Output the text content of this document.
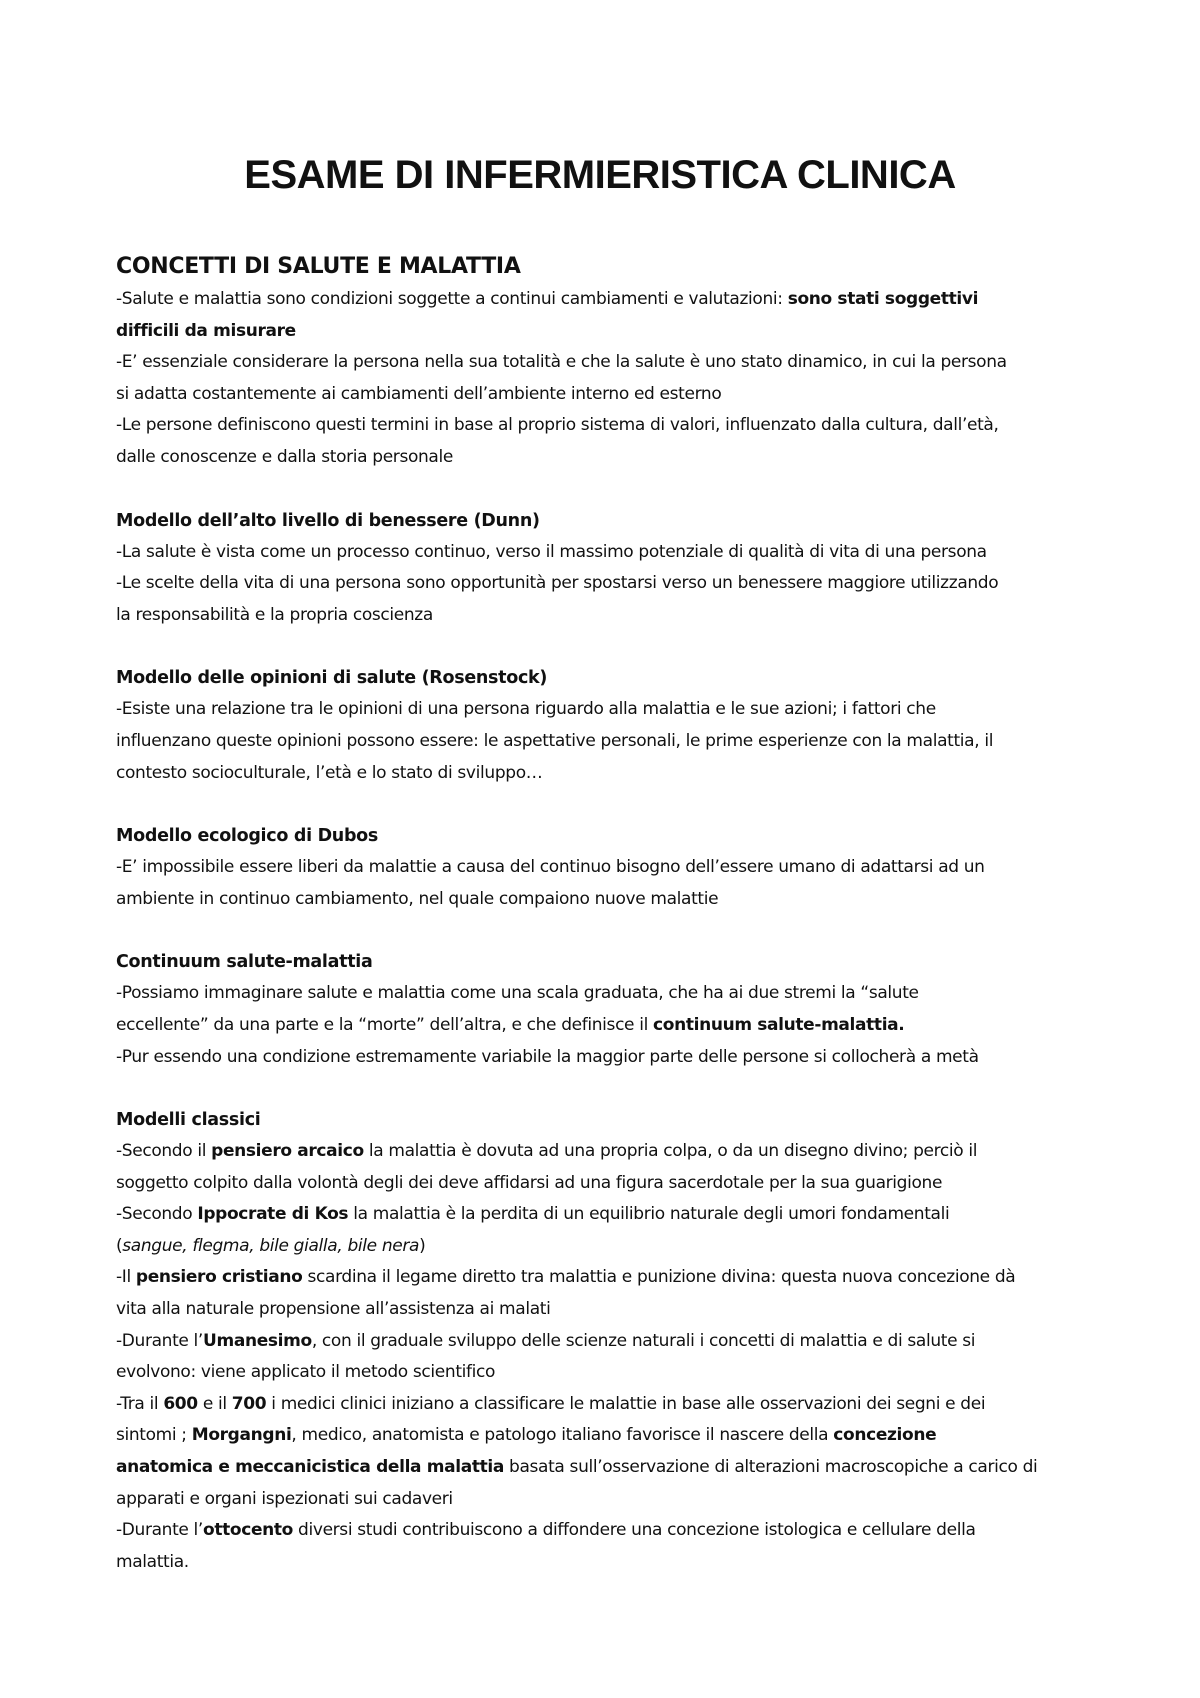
ESAME DI INFERMIERISTICA CLINICA
CONCETTI DI SALUTE E MALATTIA

-Salute e malattia sono condizioni soggette a continui cambiamenti e valutazioni: sono stati soggettivi

difficili da misurare

-E’ essenziale considerare la persona nella sua totalità e che la salute è uno stato dinamico, in cui la persona

si adatta costantemente ai cambiamenti dell’ambiente interno ed esterno

-Le persone definiscono questi termini in base al proprio sistema di valori, influenzato dalla cultura, dall’età,

dalle conoscenze e dalla storia personale

Modello dell’alto livello di benessere (Dunn)

-La salute è vista come un processo continuo, verso il massimo potenziale di qualità di vita di una persona

-Le scelte della vita di una persona sono opportunità per spostarsi verso un benessere maggiore utilizzando

la responsabilità e la propria coscienza

Modello delle opinioni di salute (Rosenstock)

-Esiste una relazione tra le opinioni di una persona riguardo alla malattia e le sue azioni; i fattori che

influenzano queste opinioni possono essere: le aspettative personali, le prime esperienze con la malattia, il

contesto socioculturale, l’età e lo stato di sviluppo…

Modello ecologico di Dubos

-E’ impossibile essere liberi da malattie a causa del continuo bisogno dell’essere umano di adattarsi ad un

ambiente in continuo cambiamento, nel quale compaiono nuove malattie

Continuum salute-malattia

-Possiamo immaginare salute e malattia come una scala graduata, che ha ai due stremi la “salute

eccellente” da una parte e la “morte” dell’altra, e che definisce il continuum salute-malattia.

-Pur essendo una condizione estremamente variabile la maggior parte delle persone si collocherà a metà

Modelli classici

-Secondo il pensiero arcaico la malattia è dovuta ad una propria colpa, o da un disegno divino; perciò il

soggetto colpito dalla volontà degli dei deve affidarsi ad una figura sacerdotale per la sua guarigione

-Secondo Ippocrate di Kos la malattia è la perdita di un equilibrio naturale degli umori fondamentali

(sangue, flegma, bile gialla, bile nera)

-Il pensiero cristiano scardina il legame diretto tra malattia e punizione divina: questa nuova concezione dà

vita alla naturale propensione all’assistenza ai malati

-Durante l’Umanesimo, con il graduale sviluppo delle scienze naturali i concetti di malattia e di salute si

evolvono: viene applicato il metodo scientifico

-Tra il 600 e il 700 i medici clinici iniziano a classificare le malattie in base alle osservazioni dei segni e dei

sintomi ; Morgangni, medico, anatomista e patologo italiano favorisce il nascere della concezione

anatomica e meccanicistica della malattia basata sull’osservazione di alterazioni macroscopiche a carico di

apparati e organi ispezionati sui cadaveri

-Durante l’ottocento diversi studi contribuiscono a diffondere una concezione istologica e cellulare della

malattia.
